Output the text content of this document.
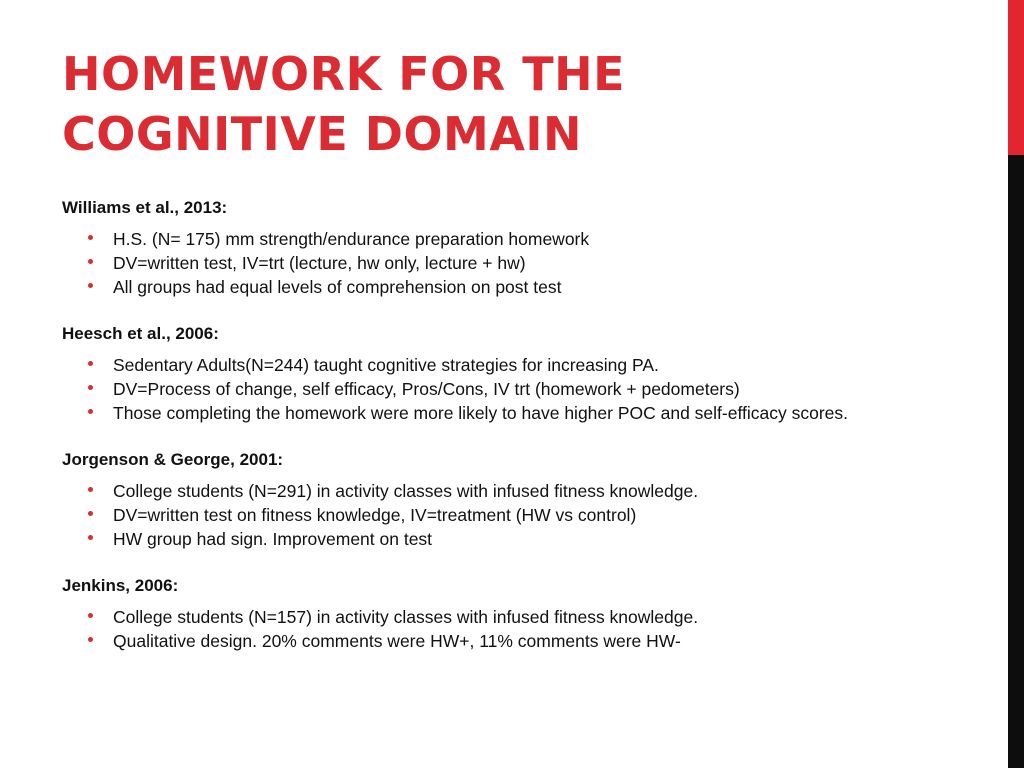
HOMEWORK FOR THE
COGNITIVE DOMAIN
Williams et al., 2013:
H.S. (N= 175) mm strength/endurance preparation homework
DV=written test, IV=trt (lecture, hw only, lecture + hw)
All groups had equal levels of comprehension on post test
Heesch et al., 2006:
Sedentary Adults(N=244) taught cognitive strategies for increasing PA.
DV=Process of change, self efficacy, Pros/Cons, IV trt (homework + pedometers)
Those completing the homework were more likely to have higher POC and self-efficacy scores.
Jorgenson & George, 2001:
College students (N=291) in activity classes with infused fitness knowledge.
DV=written test on fitness knowledge, IV=treatment (HW vs control)
HW group had sign. Improvement on test
Jenkins, 2006:
College students (N=157) in activity classes with infused fitness knowledge.
Qualitative design. 20% comments were HW+, 11% comments were HW-
